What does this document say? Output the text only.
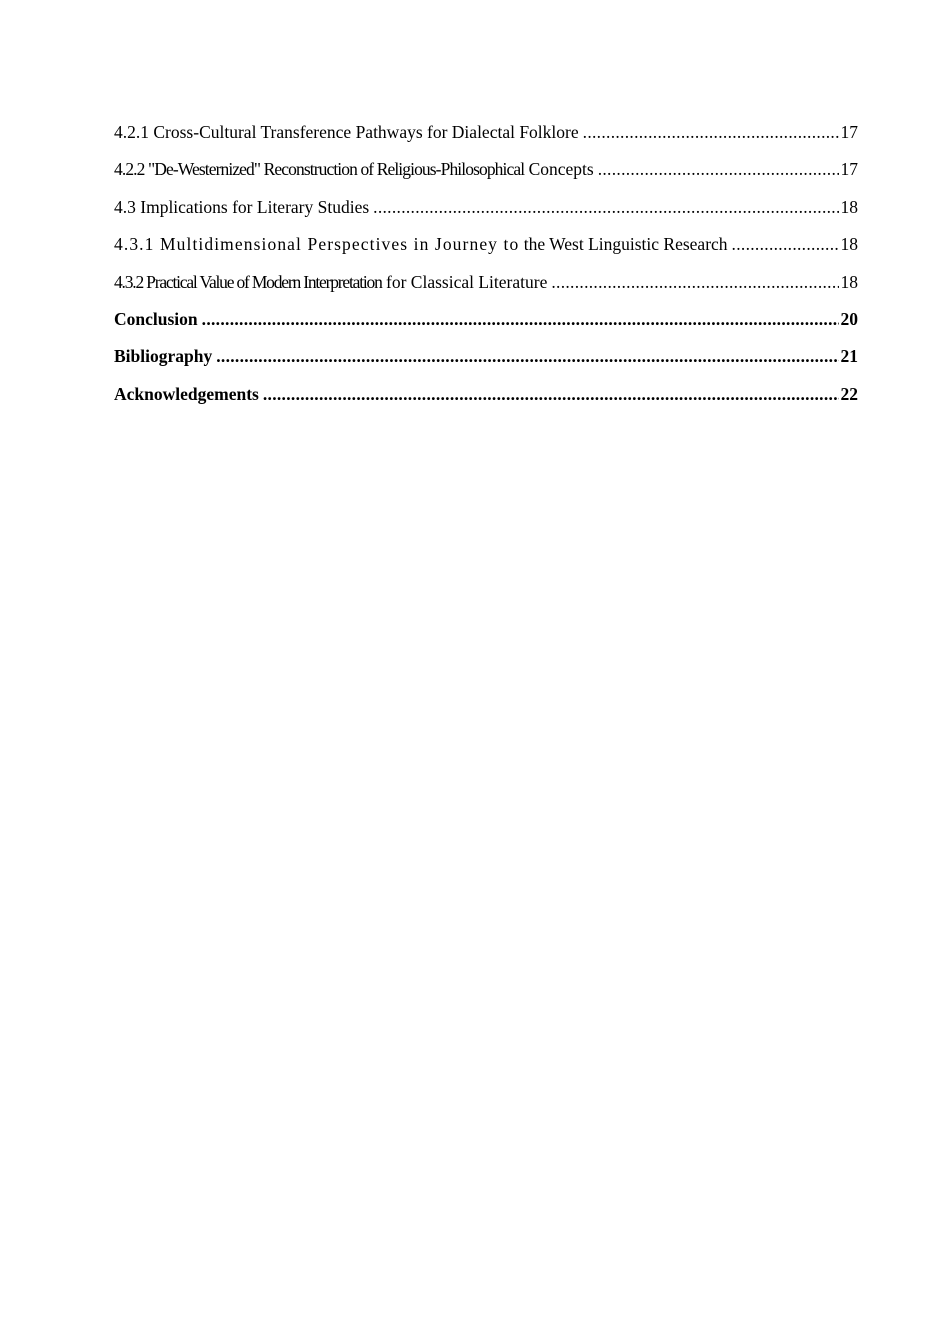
4.2.1 Cross-Cultural Transference Pathways for Dialectal Folklore .....	17
4.2.2 "De-Westernized" Reconstruction of Religious-Philosophical Concepts .....	17
4.3 Implications for Literary Studies .....	18
4.3.1 Multidimensional Perspectives in Journey to the West Linguistic Research .....	18
4.3.2 Practical Value of Modern Interpretation for Classical Literature .....	18
Conclusion .....	20
Bibliography .....	21
Acknowledgements .....	22
